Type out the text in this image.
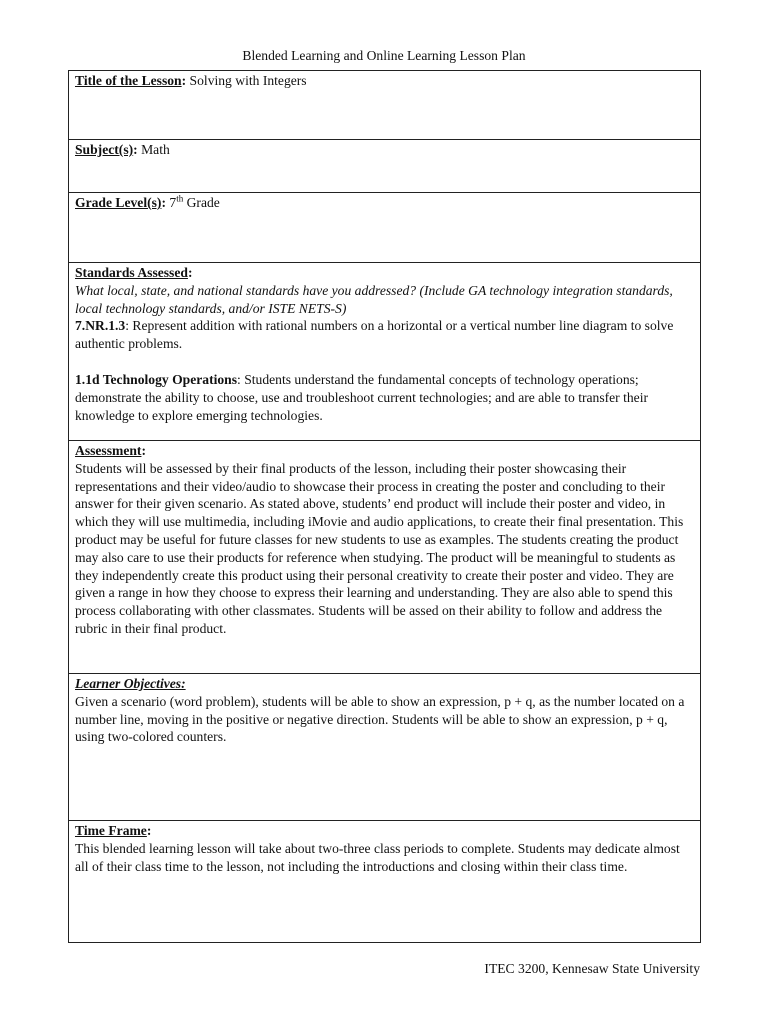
Blended Learning and Online Learning Lesson Plan

Title of the Lesson: Solving with Integers

Subject(s): Math

Grade Level(s): 7th Grade

Standards Assessed:

What local, state, and national standards have you addressed? (Include GA technology integration standards, local technology standards, and/or ISTE NETS-S)

7.NR.1.3: Represent addition with rational numbers on a horizontal or a vertical number line diagram to solve authentic problems.

1.1d Technology Operations: Students understand the fundamental concepts of technology operations; demonstrate the ability to choose, use and troubleshoot current technologies; and are able to transfer their knowledge to explore emerging technologies.

Assessment:

Students will be assessed by their final products of the lesson, including their poster showcasing their representations and their video/audio to showcase their process in creating the poster and concluding to their answer for their given scenario. As stated above, students’ end product will include their poster and video, in which they will use multimedia, including iMovie and audio applications, to create their final presentation. This product may be useful for future classes for new students to use as examples. The students creating the product may also care to use their products for reference when studying. The product will be meaningful to students as they independently create this product using their personal creativity to create their poster and video. They are given a range in how they choose to express their learning and understanding. They are also able to spend this process collaborating with other classmates. Students will be assed on their ability to follow and address the rubric in their final product.

Learner Objectives:

Given a scenario (word problem), students will be able to show an expression, p + q, as the number located on a number line, moving in the positive or negative direction. Students will be able to show an expression, p + q, using two-colored counters.

Time Frame:

This blended learning lesson will take about two-three class periods to complete. Students may dedicate almost all of their class time to the lesson, not including the introductions and closing within their class time.

ITEC 3200, Kennesaw State University
